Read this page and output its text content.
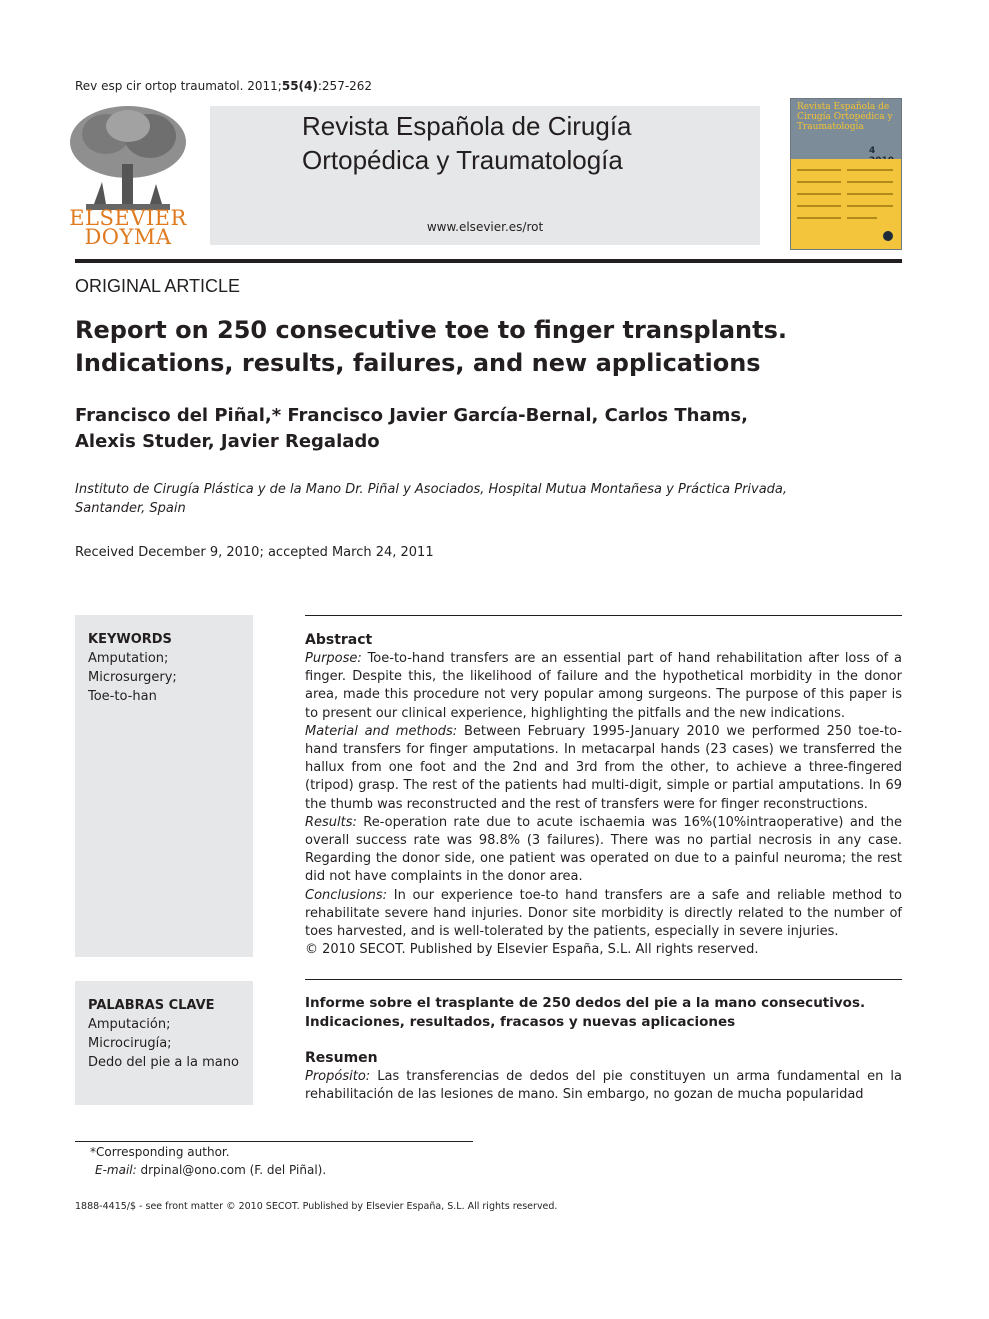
Rev esp cir ortop traumatol. 2011;55(4):257-262
ELSEVIER
DOYMA
Revista Española de Cirugía
Ortopédica y Traumatología
www.elsevier.es/rot
Revista Española de Cirugía Ortopédica y Traumatología
4
ORIGINAL ARTICLE
Report on 250 consecutive toe to finger transplants. Indications, results, failures, and new applications
Francisco del Piñal,* Francisco Javier García-Bernal, Carlos Thams,
Alexis Studer, Javier Regalado
Instituto de Cirugía Plástica y de la Mano Dr. Piñal y Asociados, Hospital Mutua Montañesa y Práctica Privada,
Santander, Spain
Received December 9, 2010; accepted March 24, 2011
KEYWORDS
Amputation;
Microsurgery;
Toe-to-han
Abstract

Purpose: Toe-to-hand transfers are an essential part of hand rehabilitation after loss of a finger. Despite this, the likelihood of failure and the hypothetical morbidity in the donor area, made this procedure not very popular among surgeons. The purpose of this paper is to present our clinical experience, highlighting the pitfalls and the new indications.

Material and methods: Between February 1995-January 2010 we performed 250 toe-to-hand transfers for finger amputations. In metacarpal hands (23 cases) we transferred the hallux from one foot and the 2nd and 3rd from the other, to achieve a three-fingered (tripod) grasp. The rest of the patients had multi-digit, simple or partial amputations. In 69 the thumb was reconstructed and the rest of transfers were for finger reconstructions.

Results: Re-operation rate due to acute ischaemia was 16%(10%intraoperative) and the overall success rate was 98.8% (3 failures). There was no partial necrosis in any case. Regarding the donor side, one patient was operated on due to a painful neuroma; the rest did not have complaints in the donor area.

Conclusions: In our experience toe-to hand transfers are a safe and reliable method to rehabilitate severe hand injuries. Donor site morbidity is directly related to the number of toes harvested, and is well-tolerated by the patients, especially in severe injuries.

© 2010 SECOT. Published by Elsevier España, S.L. All rights reserved.

PALABRAS CLAVE
Amputación;
Microcirugía;
Dedo del pie a la mano
Informe sobre el trasplante de 250 dedos del pie a la mano consecutivos.
Indicaciones, resultados, fracasos y nuevas aplicaciones
Resumen

Propósito: Las transferencias de dedos del pie constituyen un arma fundamental en la rehabilitación de las lesiones de mano. Sin embargo, no gozan de mucha popularidad

*Corresponding author.
E-mail: drpinal@ono.com (F. del Piñal).
1888-4415/$ - see front matter © 2010 SECOT. Published by Elsevier España, S.L. All rights reserved.
